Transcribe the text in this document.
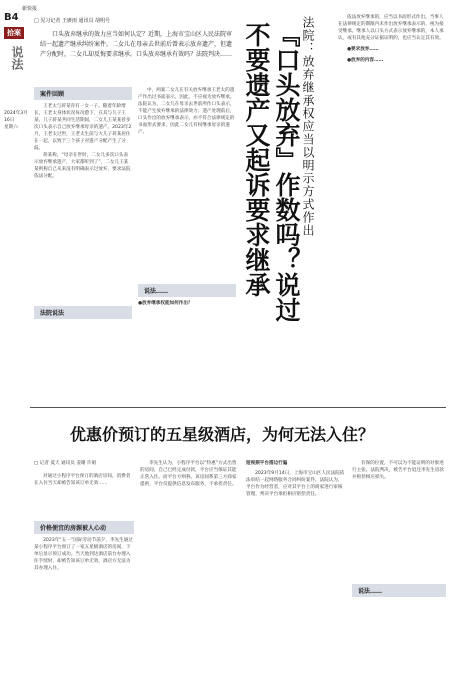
B4
新快报
拾案
说法
2024年3月16日
星期六
□ 见习记者 王赓雨 通讯员 胡明号

口头放弃继承的效力应当如何认定？近期，上海市宝山区人民法院审结一起遗产继承纠纷案件。二女儿在母亲去世前后曾表示放弃遗产，但遗产分配时，二女儿却反悔要求继承。口头放弃继承有效吗？法院判决……

案件回顾

王老太与蒋某育有一女一子。随着年龄增长，王老太身体状况每况愈下，在其与儿子王某、儿子蒋某共同生活期间，二女儿王某某曾多次口头表示自己放弃继承母亲的遗产。2023年2月，王老太过世，王老太生前与大儿子蒋某居住在一起，以致于三个孩子对遗产分配产生了分歧。

蒋某称，“母亲在世时，二女儿多次口头表示放弃继承遗产，大家都听到了”，二女儿王某某则称自己从来没有明确表示过放弃，要求法院依法分配。

法院说法

中，两案二女儿在有关放弃继承王老太的遗产作出过书面表示，因此，不应视为放弃继承。法院认为，二女儿在母亲去世前所作口头表示，不能产生放弃继承的法律效力；遗产处理前后，口头作出的放弃继承表示，亦不符合法律规定的书面形式要求，因此二女儿有权继承母亲的遗产。

说法……
●放弃继承权能如何作出？
法院：放弃继承权应当以明示方式作出
『口头放弃』作数吗？说过不要遗产又起诉要求继承

依法放弃继承的，应当以书面形式作出。当事人在法律规定的期限内未作出放弃继承表示的，视为接受继承。继承人以口头方式表示放弃继承的，本人承认，或有其他充分证据证明的，也应当认定其有效。

●要求放弃……

●放弃的内容……

优惠价预订的五星级酒店，为何无法入住？
□ 记者 夏天 通讯员 姜珊 许娟

对通过小程序平台预订的酒店房间，消费者在入住当天却被告知该订单无效……

价格便宜的房源被人心动

2023年“五一”国际劳动节前夕，李先生通过某小程序平台预订了一家五星级酒店的房间，下单后显示预订成功。当天他到达酒店前台办理入住手续时，却被告知该订单无效，酒店方无法为其办理入住。

李先生认为，小程序平台以“特惠”方式出售的房间，自己已经完成付款，平台应当保证其能正常入住。而平台方则称，该房间系第三方商家提供，平台仅提供信息发布服务，不承担责任。

短视频平台搭边行骗

2023年9月14日，上海市宝山区人民法院依法审结一起网络服务合同纠纷案件。法院认为，平台作为经营者，应对其平台上的商家进行审核管理，判决平台承担相应赔偿责任。

有保的位置，不可以为不能证明的对象进行主张。法院判决，被告平台退还李先生房款并赔偿相应损失。

说法……
